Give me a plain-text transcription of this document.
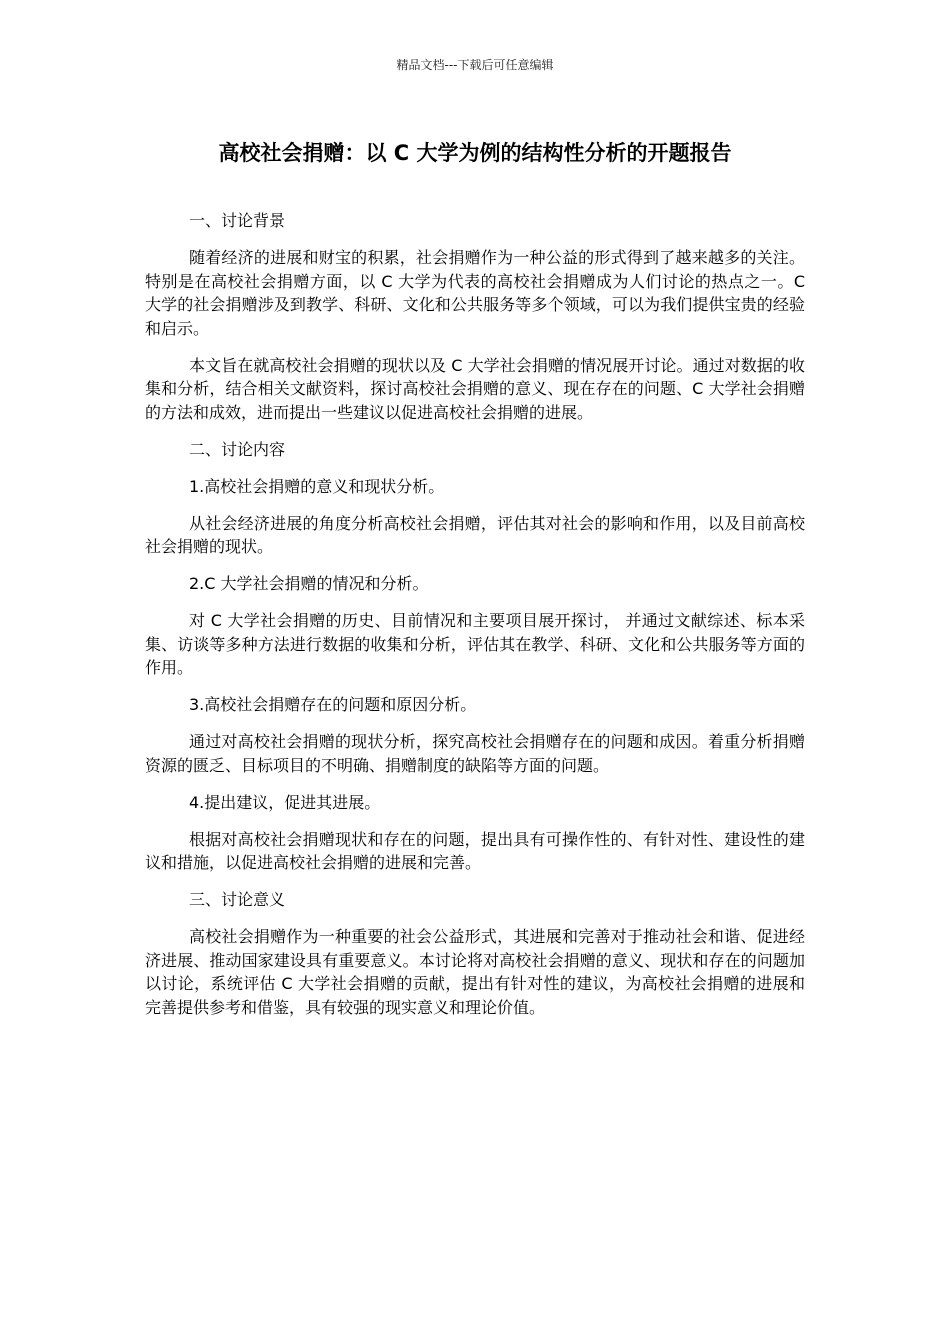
精品文档---下载后可任意编辑
高校社会捐赠：以 C 大学为例的结构性分析的开题报告

一、讨论背景

随着经济的进展和财宝的积累，社会捐赠作为一种公益的形式得到了越来越多的关注。特别是在高校社会捐赠方面，以 C 大学为代表的高校社会捐赠成为人们讨论的热点之一。C 大学的社会捐赠涉及到教学、科研、文化和公共服务等多个领域，可以为我们提供宝贵的经验和启示。

本文旨在就高校社会捐赠的现状以及 C 大学社会捐赠的情况展开讨论。通过对数据的收集和分析，结合相关文献资料，探讨高校社会捐赠的意义、现在存在的问题、C 大学社会捐赠的方法和成效，进而提出一些建议以促进高校社会捐赠的进展。

二、讨论内容

1.高校社会捐赠的意义和现状分析。

从社会经济进展的角度分析高校社会捐赠，评估其对社会的影响和作用，以及目前高校社会捐赠的现状。

2.C 大学社会捐赠的情况和分析。

对 C 大学社会捐赠的历史、目前情况和主要项目展开探讨， 并通过文献综述、标本采集、访谈等多种方法进行数据的收集和分析，评估其在教学、科研、文化和公共服务等方面的作用。

3.高校社会捐赠存在的问题和原因分析。

通过对高校社会捐赠的现状分析，探究高校社会捐赠存在的问题和成因。着重分析捐赠资源的匮乏、目标项目的不明确、捐赠制度的缺陷等方面的问题。

4.提出建议，促进其进展。

根据对高校社会捐赠现状和存在的问题，提出具有可操作性的、有针对性、建设性的建议和措施，以促进高校社会捐赠的进展和完善。

三、讨论意义

高校社会捐赠作为一种重要的社会公益形式，其进展和完善对于推动社会和谐、促进经济进展、推动国家建设具有重要意义。本讨论将对高校社会捐赠的意义、现状和存在的问题加以讨论，系统评估 C 大学社会捐赠的贡献，提出有针对性的建议，为高校社会捐赠的进展和完善提供参考和借鉴，具有较强的现实意义和理论价值。
